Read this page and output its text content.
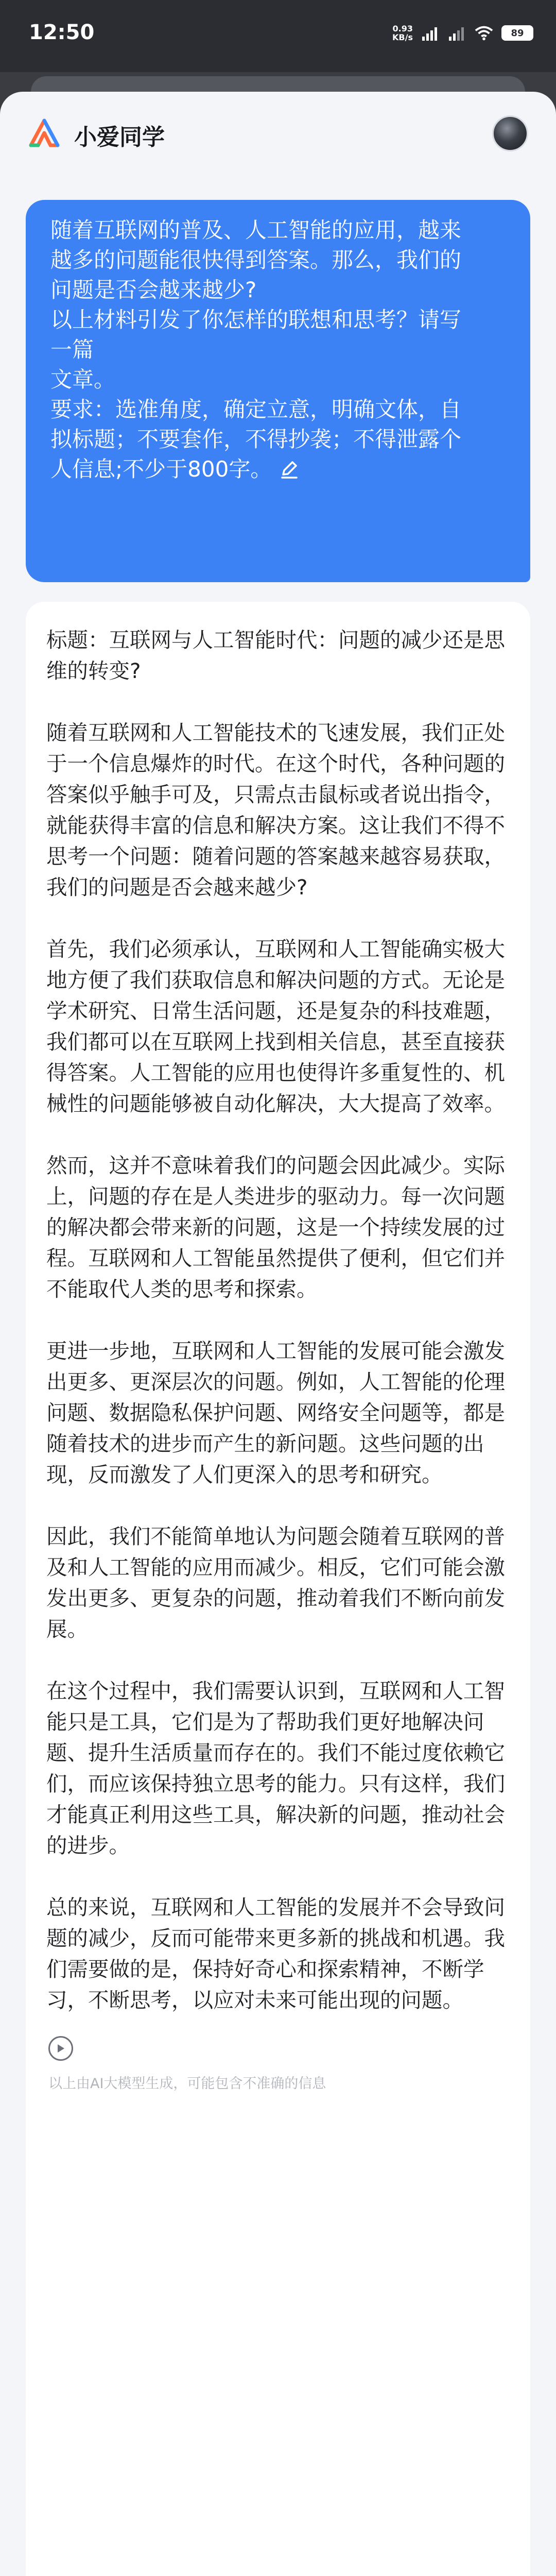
12:50	0.93
KB/s	89
小爱同学
随着互联网的普及、人工智能的应用，越来
越多的问题能很快得到答案。那么，我们的
问题是否会越来越少?
以上材料引发了你怎样的联想和思考？请写
一篇
文章。
要求：选准角度，确定立意，明确文体，自
拟标题；不要套作，不得抄袭；不得泄露个
人信息;不少于800字。

标题：互联网与人工智能时代：问题的减少还是思维的转变?

随着互联网和人工智能技术的飞速发展，我们正处于一个信息爆炸的时代。在这个时代，各种问题的答案似乎触手可及，只需点击鼠标或者说出指令，就能获得丰富的信息和解决方案。这让我们不得不思考一个问题：随着问题的答案越来越容易获取，我们的问题是否会越来越少?

首先，我们必须承认，互联网和人工智能确实极大地方便了我们获取信息和解决问题的方式。无论是学术研究、日常生活问题，还是复杂的科技难题，我们都可以在互联网上找到相关信息，甚至直接获得答案。人工智能的应用也使得许多重复性的、机械性的问题能够被自动化解决，大大提高了效率。

然而，这并不意味着我们的问题会因此减少。实际上，问题的存在是人类进步的驱动力。每一次问题的解决都会带来新的问题，这是一个持续发展的过程。互联网和人工智能虽然提供了便利，但它们并不能取代人类的思考和探索。

更进一步地，互联网和人工智能的发展可能会激发出更多、更深层次的问题。例如，人工智能的伦理问题、数据隐私保护问题、网络安全问题等，都是随着技术的进步而产生的新问题。这些问题的出现，反而激发了人们更深入的思考和研究。

因此，我们不能简单地认为问题会随着互联网的普及和人工智能的应用而减少。相反，它们可能会激发出更多、更复杂的问题，推动着我们不断向前发展。

在这个过程中，我们需要认识到，互联网和人工智能只是工具，它们是为了帮助我们更好地解决问题、提升生活质量而存在的。我们不能过度依赖它们，而应该保持独立思考的能力。只有这样，我们才能真正利用这些工具，解决新的问题，推动社会的进步。

总的来说，互联网和人工智能的发展并不会导致问题的减少，反而可能带来更多新的挑战和机遇。我们需要做的是，保持好奇心和探索精神，不断学习，不断思考，以应对未来可能出现的问题。

以上由AI大模型生成，可能包含不准确的信息
